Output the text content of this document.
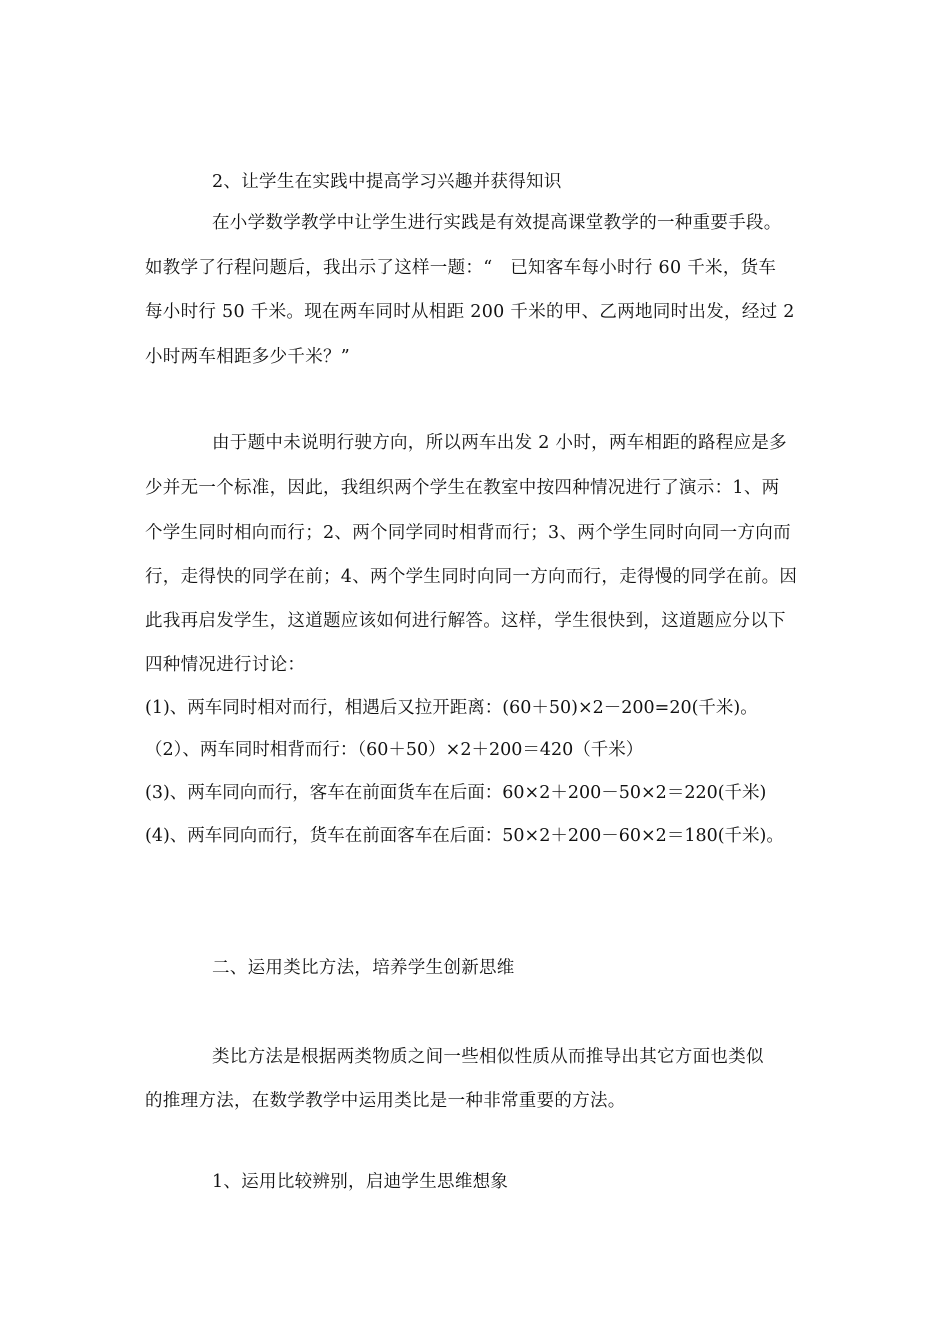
2、让学生在实践中提高学习兴趣并获得知识
在小学数学教学中让学生进行实践是有效提高课堂教学的一种重要手段。
如教学了行程问题后，我出示了这样一题：“　已知客车每小时行 60 千米，货车
每小时行 50 千米。现在两车同时从相距 200 千米的甲、乙两地同时出发，经过 2
小时两车相距多少千米？”
由于题中未说明行驶方向，所以两车出发 2 小时，两车相距的路程应是多
少并无一个标准，因此，我组织两个学生在教室中按四种情况进行了演示：1、两
个学生同时相向而行；2、两个同学同时相背而行；3、两个学生同时向同一方向而
行，走得快的同学在前；4、两个学生同时向同一方向而行，走得慢的同学在前。因
此我再启发学生，这道题应该如何进行解答。这样，学生很快到，这道题应分以下
四种情况进行讨论：
(1)、两车同时相对而行，相遇后又拉开距离：(60＋50)×2－200=20(千米)。
（2）、两车同时相背而行：（60＋50）×2＋200＝420（千米）
(3)、两车同向而行，客车在前面货车在后面：60×2＋200－50×2＝220(千米)
(4)、两车同向而行，货车在前面客车在后面：50×2＋200－60×2＝180(千米)。
二、运用类比方法，培养学生创新思维
类比方法是根据两类物质之间一些相似性质从而推导出其它方面也类似
的推理方法，在数学教学中运用类比是一种非常重要的方法。
1、运用比较辨别，启迪学生思维想象
